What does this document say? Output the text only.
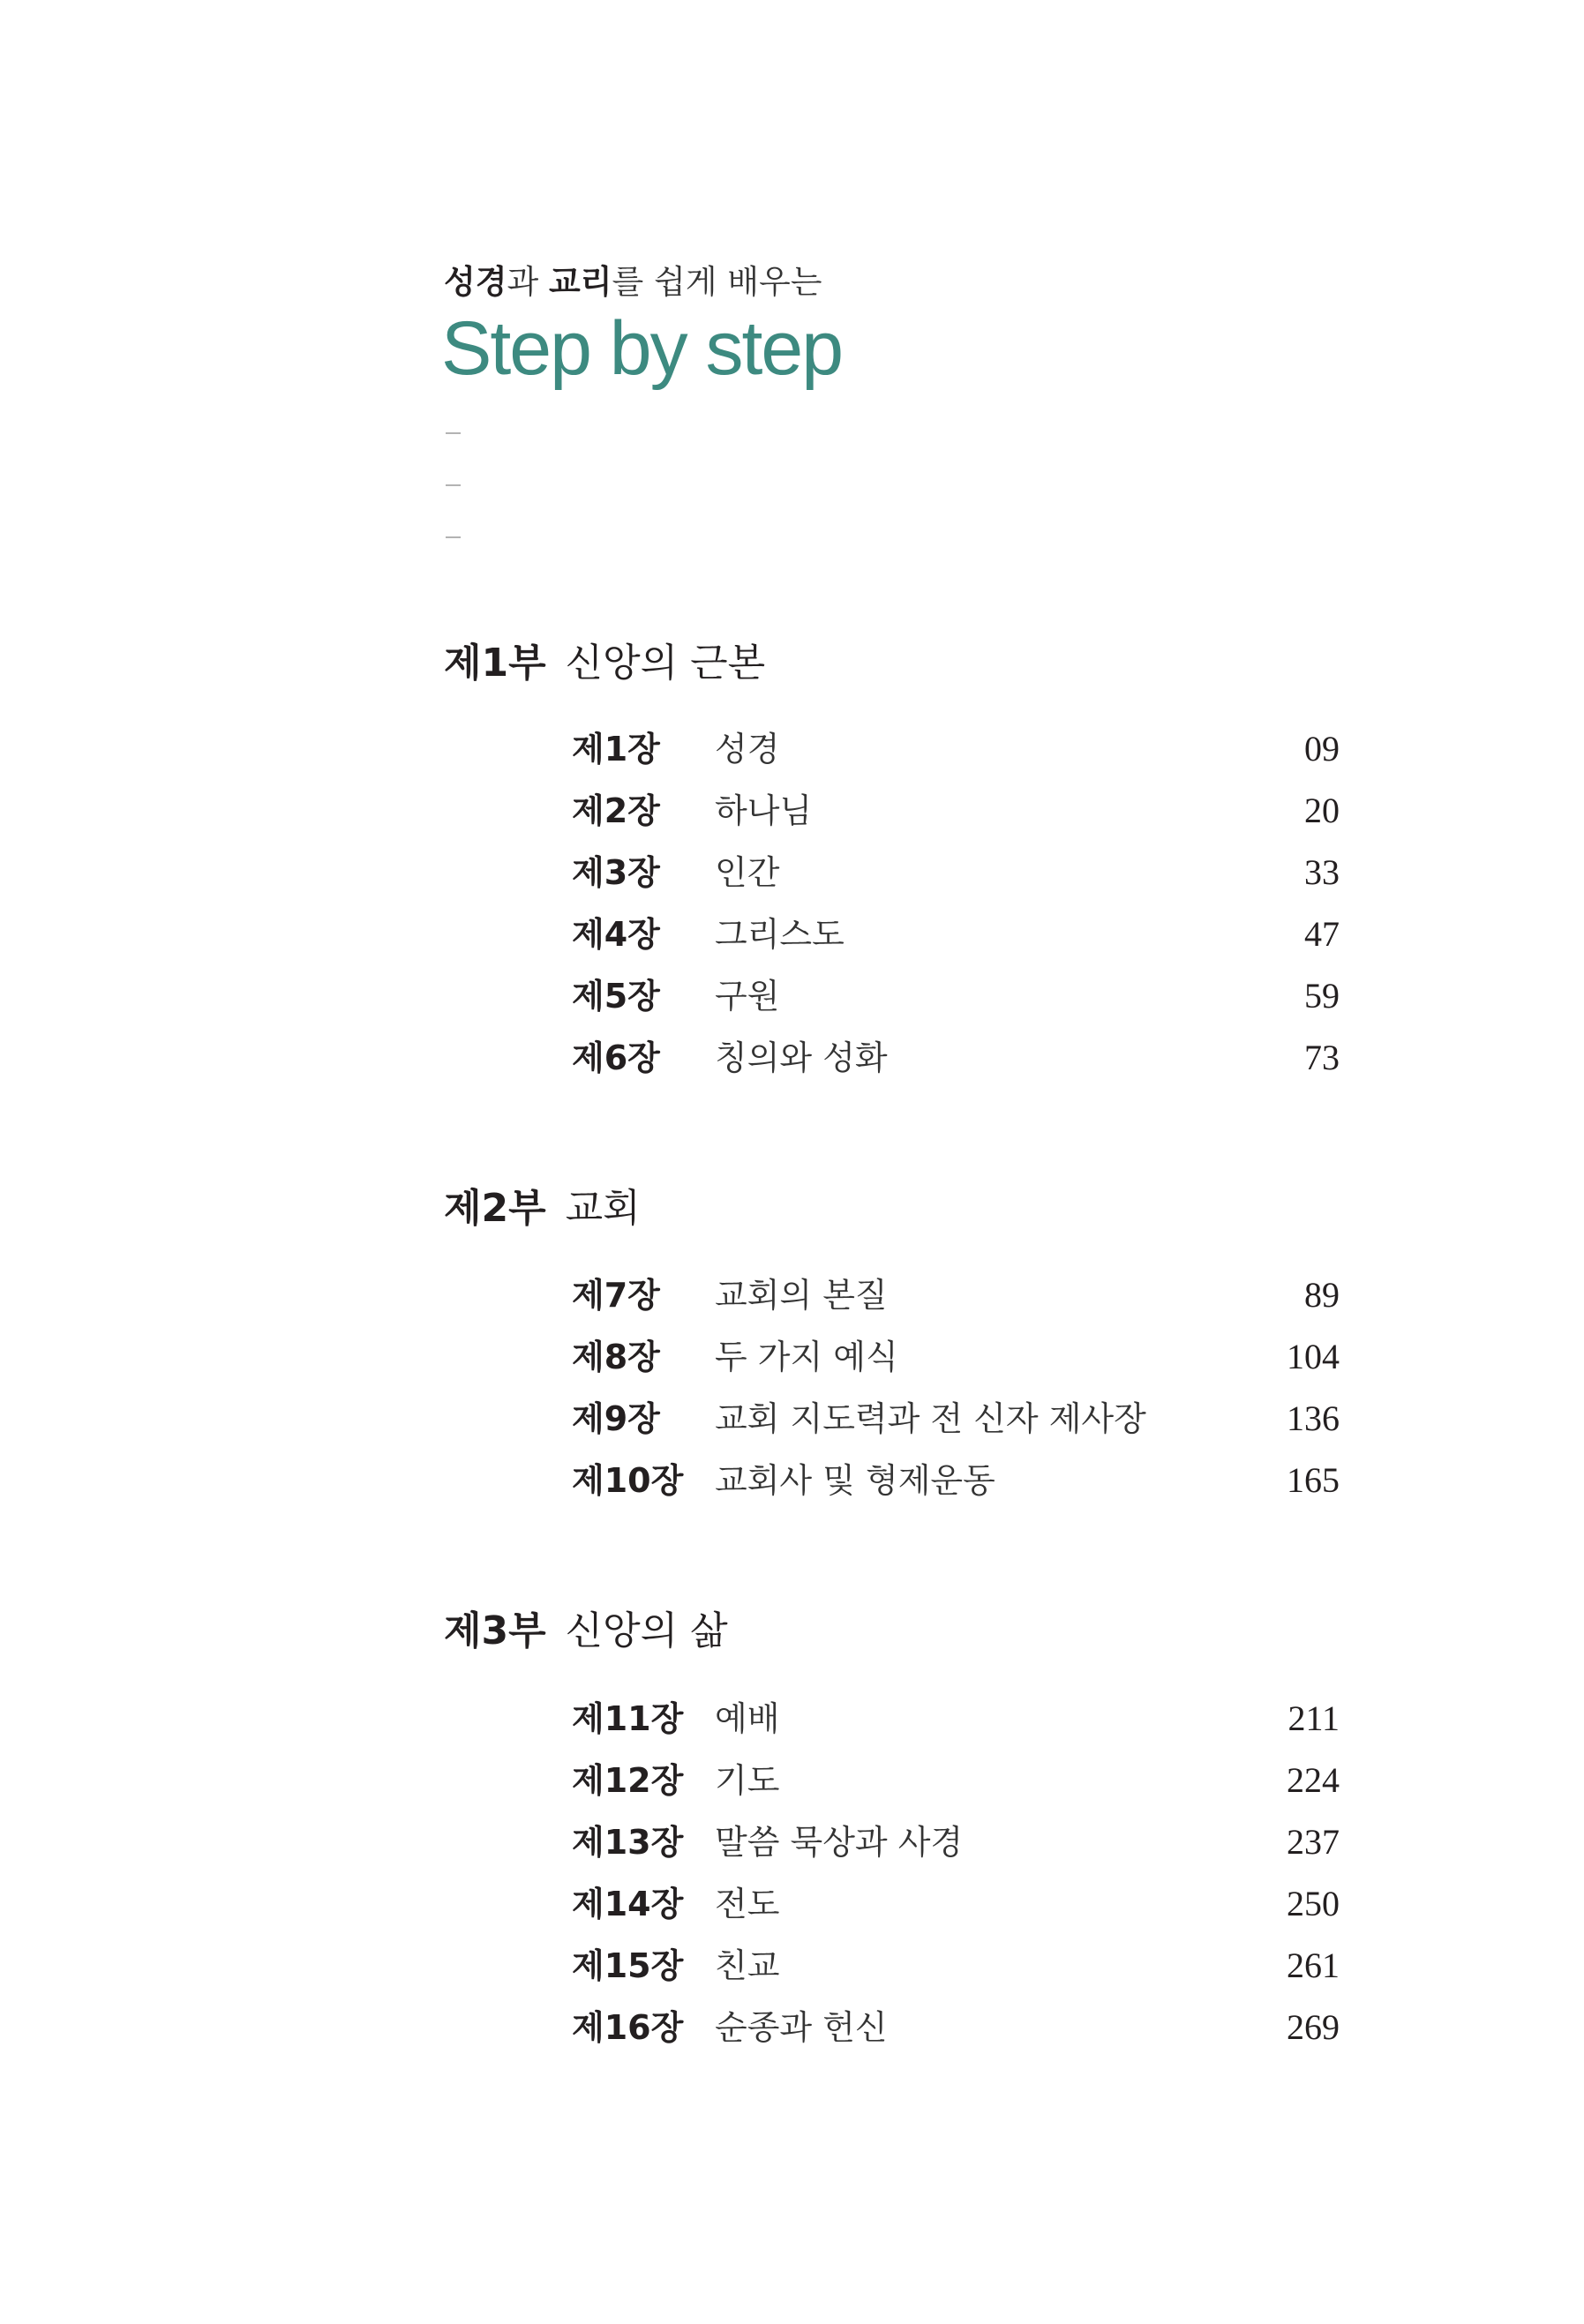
성경과 교리를 쉽게 배우는
Step by step
제1부 신앙의 근본
제1장 성경	09
제2장 하나님	20
제3장 인간	33
제4장 그리스도	47
제5장 구원	59
제6장 칭의와 성화	73
제2부 교회
제7장 교회의 본질	89
제8장 두 가지 예식	104
제9장 교회 지도력과 전 신자 제사장	136
제10장 교회사 및 형제운동	165
제3부 신앙의 삶
제11장 예배	211
제12장 기도	224
제13장 말씀 묵상과 사경	237
제14장 전도	250
제15장 친교	261
제16장 순종과 헌신	269
